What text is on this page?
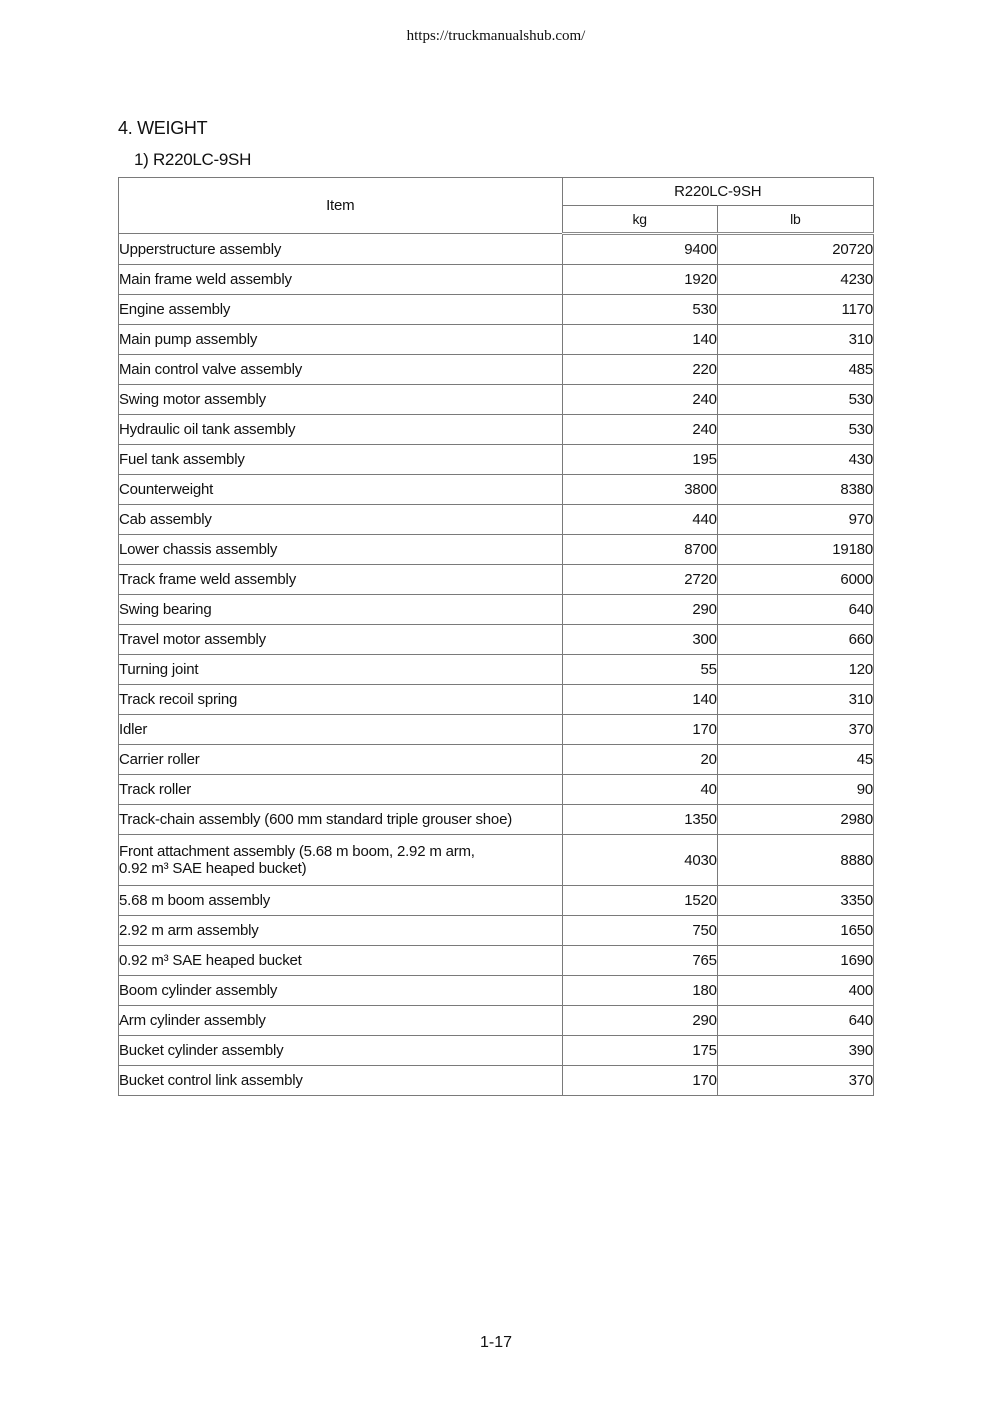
https://truckmanualshub.com/
4. WEIGHT
1) R220LC-9SH
Item	R220LC-9SH	
	kg	lb

Upperstructure assembly	9400	20720

Main frame weld assembly	1920	4230

Engine assembly	530	1170

Main pump assembly	140	310

Main control valve assembly	220	485

Swing motor assembly	240	530

Hydraulic oil tank assembly	240	530

Fuel tank assembly	195	430

Counterweight	3800	8380

Cab assembly	440	970

Lower chassis assembly	8700	19180

Track frame weld assembly	2720	6000

Swing bearing	290	640

Travel motor assembly	300	660

Turning joint	55	120

Track recoil spring	140	310

Idler	170	370

Carrier roller	20	45

Track roller	40	90

Track-chain assembly (600 mm standard triple grouser shoe)	1350	2980

Front attachment assembly (5.68 m boom, 2.92 m arm,
0.92 m³ SAE heaped bucket)	4030	8880

5.68 m boom assembly	1520	3350

2.92 m arm assembly	750	1650

0.92 m³ SAE heaped bucket	765	1690

Boom cylinder assembly	180	400

Arm cylinder assembly	290	640

Bucket cylinder assembly	175	390

Bucket control link assembly	170	370
1-17
